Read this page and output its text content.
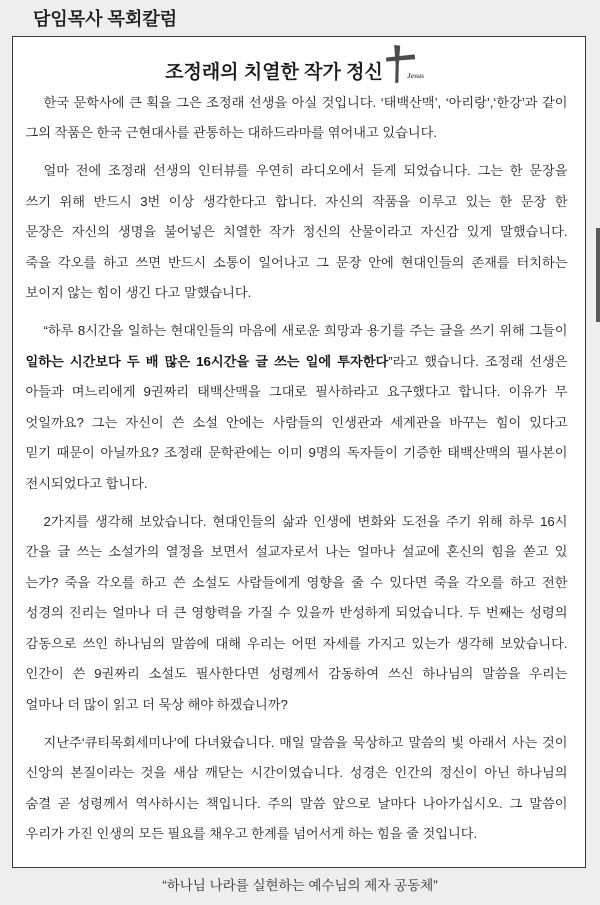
담임목사 목회칼럼
조정래의 치열한 작가 정신	Jesus
한국 문학사에 큰 획을 그은 조정래 선생을 아실 것입니다. ‘태백산맥’, ‘아리랑’,‘한강’과 같이
그의 작품은 한국 근현대사를 관통하는 대하드라마를 엮어내고 있습니다.
얼마 전에 조정래 선생의 인터뷰를 우연히 라디오에서 듣게 되었습니다. 그는 한 문장을
쓰기 위해 반드시 3번 이상 생각한다고 합니다. 자신의 작품을 이루고 있는 한 문장 한
문장은 자신의 생명을 불어넣은 치열한 작가 정신의 산물이라고 자신감 있게 말했습니다.
죽을 각오를 하고 쓰면 반드시 소통이 일어나고 그 문장 안에 현대인들의 존재를 터치하는
보이지 않는 힘이 생긴 다고 말했습니다.
“하루 8시간을 일하는 현대인들의 마음에 새로운 희망과 용기를 주는 글을 쓰기 위해 그들이
일하는 시간보다 두 배 많은 16시간을 글 쓰는 일에 투자한다”라고 했습니다. 조정래 선생은
아들과 며느리에게 9권짜리 태백산맥을 그대로 필사하라고 요구했다고 합니다. 이유가 무
엇일까요? 그는 자신이 쓴 소설 안에는 사람들의 인생관과 세계관을 바꾸는 힘이 있다고
믿기 때문이 아닐까요? 조정래 문학관에는 이미 9명의 독자들이 기증한 태백산맥의 필사본이
전시되었다고 합니다.
2가지를 생각해 보았습니다. 현대인들의 삶과 인생에 변화와 도전을 주기 위해 하루 16시
간을 글 쓰는 소설가의 열정을 보면서 설교자로서 나는 얼마나 설교에 혼신의 힘을 쏟고 있
는가? 죽을 각오를 하고 쓴 소설도 사람들에게 영향을 줄 수 있다면 죽을 각오를 하고 전한
성경의 진리는 얼마나 더 큰 영향력을 가질 수 있을까 반성하게 되었습니다. 두 번째는 성령의
감동으로 쓰인 하나님의 말씀에 대해 우리는 어떤 자세를 가지고 있는가 생각해 보았습니다.
인간이 쓴 9권짜리 소설도 필사한다면 성령께서 감동하여 쓰신 하나님의 말씀을 우리는
얼마나 더 많이 읽고 더 묵상 해야 하겠습니까?
지난주‘큐티목회세미나’에 다녀왔습니다. 매일 말씀을 묵상하고 말씀의 빛 아래서 사는 것이
신앙의 본질이라는 것을 새삼 깨닫는 시간이였습니다. 성경은 인간의 정신이 아닌 하나님의
숨결 곧 성령께서 역사하시는 책입니다. 주의 말씀 앞으로 날마다 나아가십시오. 그 말씀이
우리가 가진 인생의 모든 필요를 채우고 한계를 넘어서게 하는 힘을 줄 것입니다.
“하나님 나라를 실현하는 예수님의 제자 공동체”
